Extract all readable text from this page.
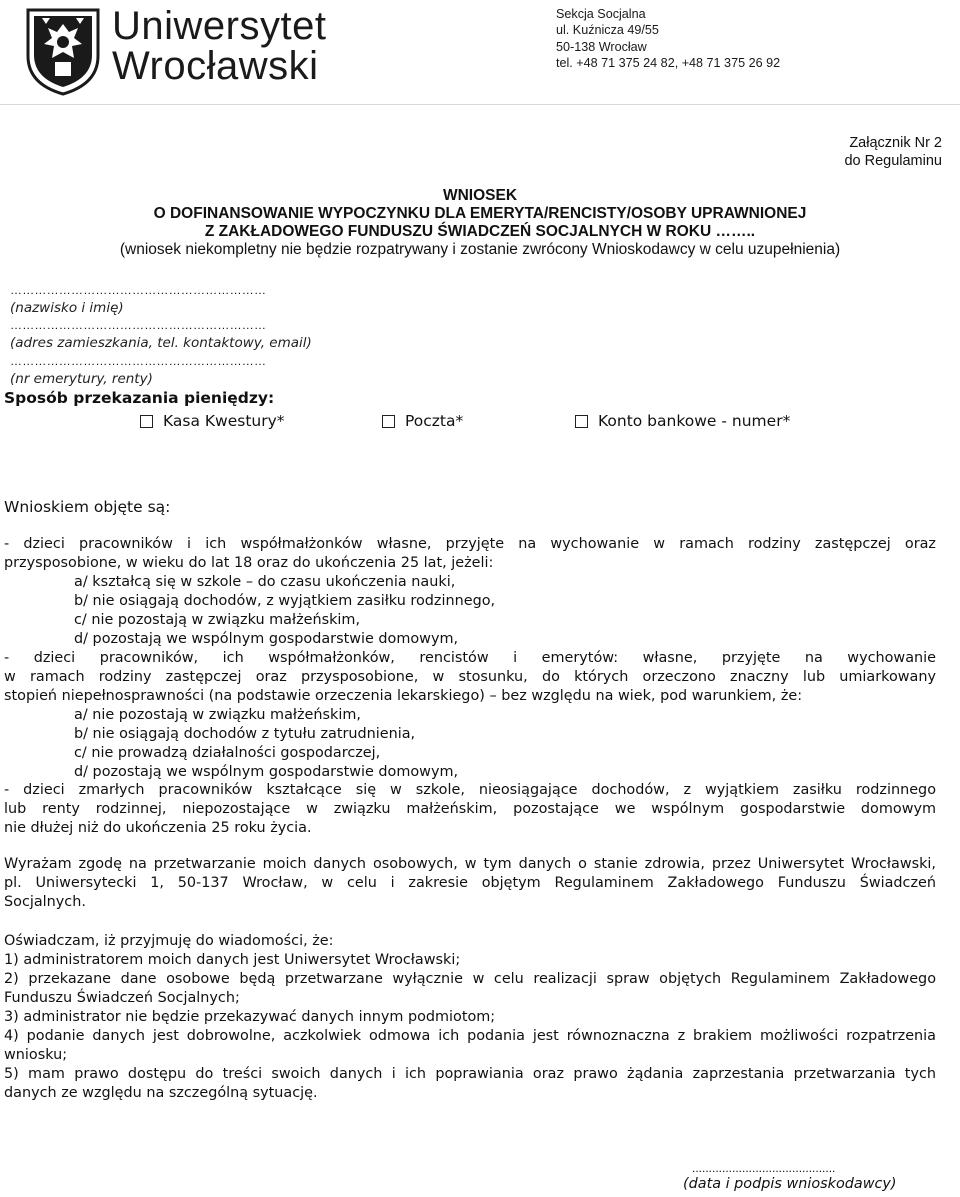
Uniwersytet
Wrocławski
Sekcja Socjalna
ul. Kuźnicza 49/55
50-138 Wrocław
tel. +48 71 375 24 82, +48 71 375 26 92
Załącznik Nr 2
do Regulaminu
WNIOSEK
O DOFINANSOWANIE WYPOCZYNKU DLA EMERYTA/RENCISTY/OSOBY UPRAWNIONEJ
Z ZAKŁADOWEGO FUNDUSZU ŚWIADCZEŃ SOCJALNYCH W ROKU ……..
(wniosek niekompletny nie będzie rozpatrywany i zostanie zwrócony Wnioskodawcy w celu uzupełnienia)
………………………………………………………
(nazwisko i imię)
………………………………………………………
(adres zamieszkania, tel. kontaktowy, email)
………………………………………………………
(nr emerytury, renty)
Sposób przekazania pieniędzy:
Kasa Kwestury*	Poczta*	Konto bankowe - numer*
Wnioskiem objęte są:
- dzieci pracowników i ich współmałżonków własne, przyjęte na wychowanie w ramach rodziny zastępczej oraz
przysposobione, w wieku do lat 18 oraz do ukończenia 25 lat, jeżeli:
a/ kształcą się w szkole – do czasu ukończenia nauki,
b/ nie osiągają dochodów, z wyjątkiem zasiłku rodzinnego,
c/ nie pozostają w związku małżeńskim,
d/ pozostają we wspólnym gospodarstwie domowym,
- dzieci pracowników, ich współmałżonków, rencistów i emerytów: własne, przyjęte na wychowanie
w ramach rodziny zastępczej oraz przysposobione, w stosunku, do których orzeczono znaczny lub umiarkowany
stopień niepełnosprawności (na podstawie orzeczenia lekarskiego) – bez względu na wiek, pod warunkiem, że:
a/ nie pozostają w związku małżeńskim,
b/ nie osiągają dochodów z tytułu zatrudnienia,
c/ nie prowadzą działalności gospodarczej,
d/ pozostają we wspólnym gospodarstwie domowym,
- dzieci zmarłych pracowników kształcące się w szkole, nieosiągające dochodów, z wyjątkiem zasiłku rodzinnego
lub renty rodzinnej, niepozostające w związku małżeńskim, pozostające we wspólnym gospodarstwie domowym
nie dłużej niż do ukończenia 25 roku życia.
Wyrażam zgodę na przetwarzanie moich danych osobowych, w tym danych o stanie zdrowia, przez Uniwersytet Wrocławski,
pl. Uniwersytecki 1, 50-137 Wrocław, w celu i zakresie objętym Regulaminem Zakładowego Funduszu Świadczeń
Socjalnych.
Oświadczam, iż przyjmuję do wiadomości, że:
1) administratorem moich danych jest Uniwersytet Wrocławski;
2) przekazane dane osobowe będą przetwarzane wyłącznie w celu realizacji spraw objętych Regulaminem Zakładowego
Funduszu Świadczeń Socjalnych;
3) administrator nie będzie przekazywać danych innym podmiotom;
4) podanie danych jest dobrowolne, aczkolwiek odmowa ich podania jest równoznaczna z brakiem możliwości rozpatrzenia
wniosku;
5) mam prawo dostępu do treści swoich danych i ich poprawiania oraz prawo żądania zaprzestania przetwarzania tych
danych ze względu na szczególną sytuację.
...........................................
(data i podpis wnioskodawcy)
